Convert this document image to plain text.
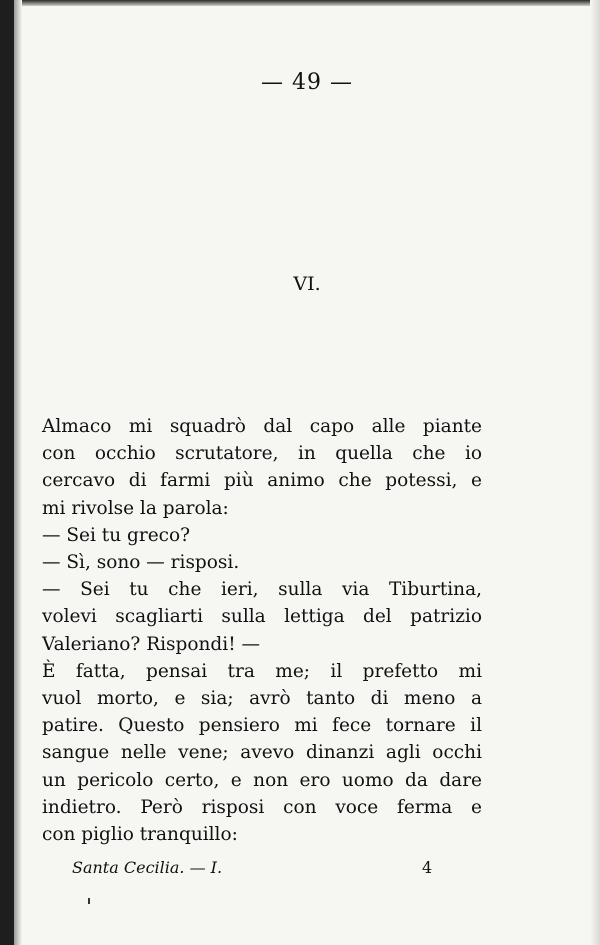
— 49 —
VI.
Almaco mi squadrò dal capo alle piante
con occhio scrutatore, in quella che io
cercavo di farmi più animo che potessi, e
mi rivolse la parola:
— Sei tu greco?
— Sì, sono — risposi.
— Sei tu che ieri, sulla via Tiburtina,
volevi scagliarti sulla lettiga del patrizio
Valeriano? Rispondi! —
È fatta, pensai tra me; il prefetto mi
vuol morto, e sia; avrò tanto di meno a
patire. Questo pensiero mi fece tornare il
sangue nelle vene; avevo dinanzi agli occhi
un pericolo certo, e non ero uomo da dare
indietro. Però risposi con voce ferma e
con piglio tranquillo:
Santa Cecilia. — I.	4
